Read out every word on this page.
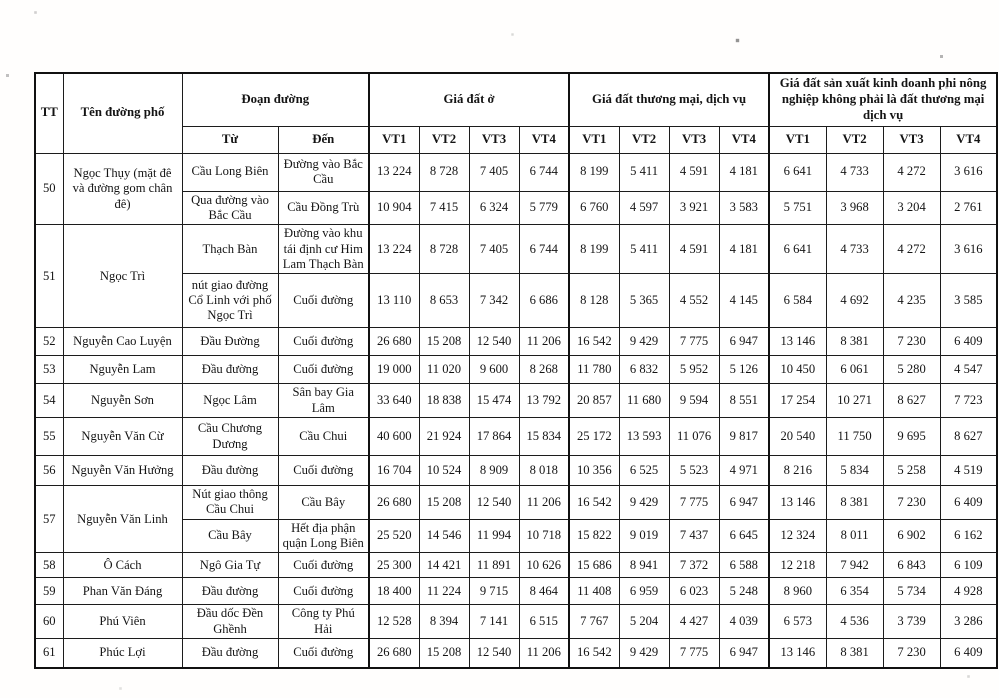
TT	Tên đường phố	Đoạn đường		Giá đất ở				Giá đất thương mại, dịch vụ				Giá đất sản xuất kinh doanh phi nông nghiệp không phải là đất thương mại dịch vụ			
		Từ	Đến	VT1	VT2	VT3	VT4	VT1	VT2	VT3	VT4	VT1	VT2	VT3	VT4
50	Ngọc Thụy (mặt đê và đường gom chân đê)	Cầu Long Biên	Đường vào Bắc Cầu	13 224	8 728	7 405	6 744	8 199	5 411	4 591	4 181	6 641	4 733	4 272	3 616
		Qua đường vào Bắc Cầu	Cầu Đồng Trù	10 904	7 415	6 324	5 779	6 760	4 597	3 921	3 583	5 751	3 968	3 204	2 761
51	Ngọc Trì	Thạch Bàn	Đường vào khu tái định cư Him Lam Thạch Bàn	13 224	8 728	7 405	6 744	8 199	5 411	4 591	4 181	6 641	4 733	4 272	3 616
		nút giao đường Cổ Linh với phố Ngọc Trì	Cuối đường	13 110	8 653	7 342	6 686	8 128	5 365	4 552	4 145	6 584	4 692	4 235	3 585
52	Nguyễn Cao Luyện	Đầu Đường	Cuối đường	26 680	15 208	12 540	11 206	16 542	9 429	7 775	6 947	13 146	8 381	7 230	6 409
53	Nguyễn Lam	Đầu đường	Cuối đường	19 000	11 020	9 600	8 268	11 780	6 832	5 952	5 126	10 450	6 061	5 280	4 547
54	Nguyễn Sơn	Ngọc Lâm	Sân bay Gia Lâm	33 640	18 838	15 474	13 792	20 857	11 680	9 594	8 551	17 254	10 271	8 627	7 723
55	Nguyễn Văn Cừ	Cầu Chương Dương	Cầu Chui	40 600	21 924	17 864	15 834	25 172	13 593	11 076	9 817	20 540	11 750	9 695	8 627
56	Nguyễn Văn Hưởng	Đầu đường	Cuối đường	16 704	10 524	8 909	8 018	10 356	6 525	5 523	4 971	8 216	5 834	5 258	4 519
57	Nguyễn Văn Linh	Nút giao thông Cầu Chui	Cầu Bây	26 680	15 208	12 540	11 206	16 542	9 429	7 775	6 947	13 146	8 381	7 230	6 409
		Cầu Bây	Hết địa phận quận Long Biên	25 520	14 546	11 994	10 718	15 822	9 019	7 437	6 645	12 324	8 011	6 902	6 162
58	Ô Cách	Ngô Gia Tự	Cuối đường	25 300	14 421	11 891	10 626	15 686	8 941	7 372	6 588	12 218	7 942	6 843	6 109
59	Phan Văn Đáng	Đầu đường	Cuối đường	18 400	11 224	9 715	8 464	11 408	6 959	6 023	5 248	8 960	6 354	5 734	4 928
60	Phú Viên	Đầu dốc Đền Ghềnh	Công ty Phú Hải	12 528	8 394	7 141	6 515	7 767	5 204	4 427	4 039	6 573	4 536	3 739	3 286
61	Phúc Lợi	Đầu đường	Cuối đường	26 680	15 208	12 540	11 206	16 542	9 429	7 775	6 947	13 146	8 381	7 230	6 409
